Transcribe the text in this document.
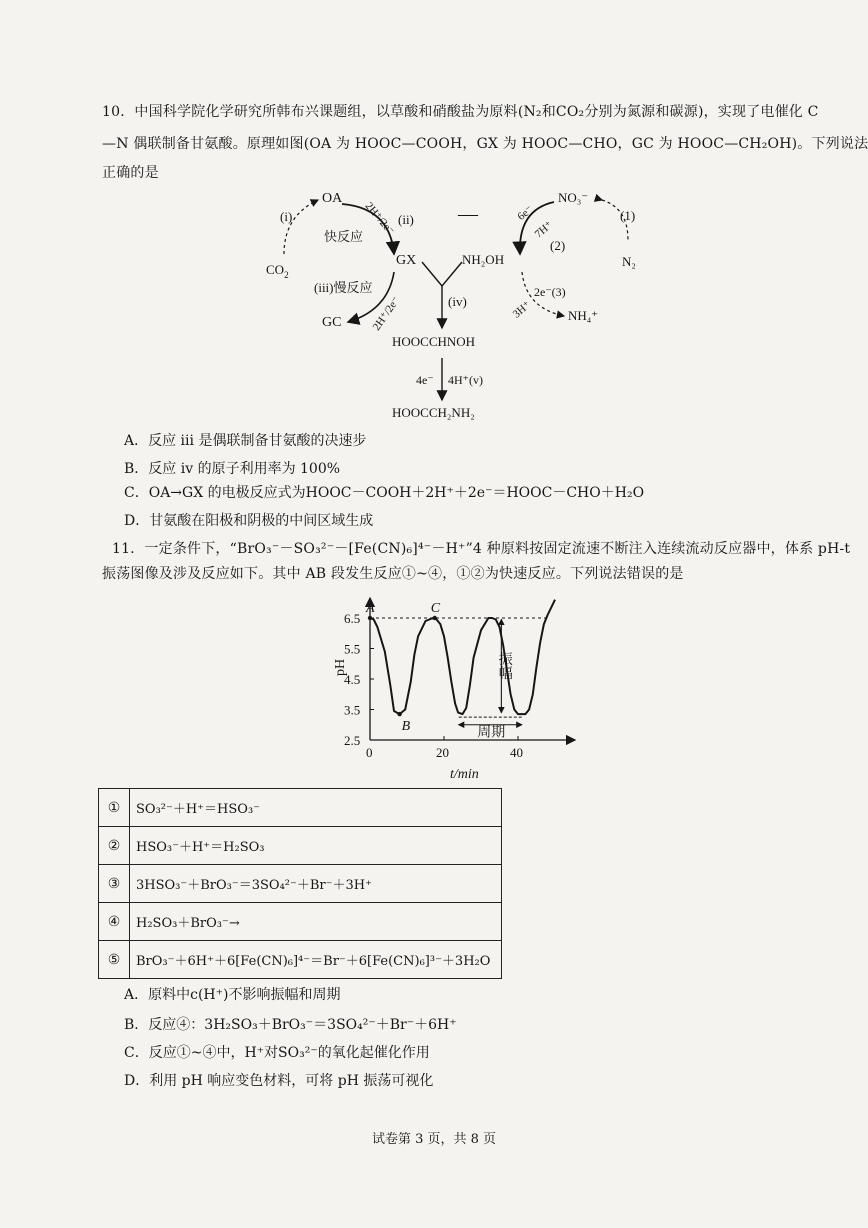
10．中国科学院化学研究所韩布兴课题组，以草酸和硝酸盐为原料(N₂和CO₂分别为氮源和碳源)，实现了电催化 C
—N 偶联制备甘氨酸。原理如图(OA 为 HOOC—COOH，GX 为 HOOC—CHO，GC 为 HOOC—CH₂OH)。下列说法
正确的是
OA
$CO_2$
(i)
快反应 2H⁺/2e⁻ (ii)
GX
(iii)慢反应
2H⁺/2e⁻
GC
—
NO₃⁻
(1)
N₂
6e⁻
7H⁺
(2)
NH₂OH
2e⁻(3)
3H⁺	NH₄⁺
(iv)
HOOCCHNOH
4e⁻ 4H⁺(v)
HOOCCH₂NH₂
A．反应 iii 是偶联制备甘氨酸的决速步
B．反应 iv 的原子利用率为 100%
C．OA→GX 的电极反应式为HOOC－COOH＋2H⁺＋2e⁻＝HOOC－CHO＋H₂O
D．甘氨酸在阳极和阴极的中间区域生成
11．一定条件下，“BrO₃⁻－SO₃²⁻－[Fe(CN)₆]⁴⁻－H⁺”4 种原料按固定流速不断注入连续流动反应器中，体系 pH-t
振荡图像及涉及反应如下。其中 AB 段发生反应①~④，①②为快速反应。下列说法错误的是
2.5
3.5
4.5
5.5
6.5
0	20	40
pH
t/min
A
B
C
振幅
周期
①	SO₃²⁻＋H⁺＝HSO₃⁻
②	HSO₃⁻＋H⁺＝H₂SO₃
③	3HSO₃⁻＋BrO₃⁻＝3SO₄²⁻＋Br⁻＋3H⁺
④	H₂SO₃＋BrO₃⁻→
⑤	BrO₃⁻＋6H⁺＋6[Fe(CN)₆]⁴⁻＝Br⁻＋6[Fe(CN)₆]³⁻＋3H₂O
A．原料中c(H⁺)不影响振幅和周期
B．反应④：3H₂SO₃＋BrO₃⁻＝3SO₄²⁻＋Br⁻＋6H⁺
C．反应①~④中，H⁺对SO₃²⁻的氧化起催化作用
D．利用 pH 响应变色材料，可将 pH 振荡可视化
试卷第 3 页，共 8 页
